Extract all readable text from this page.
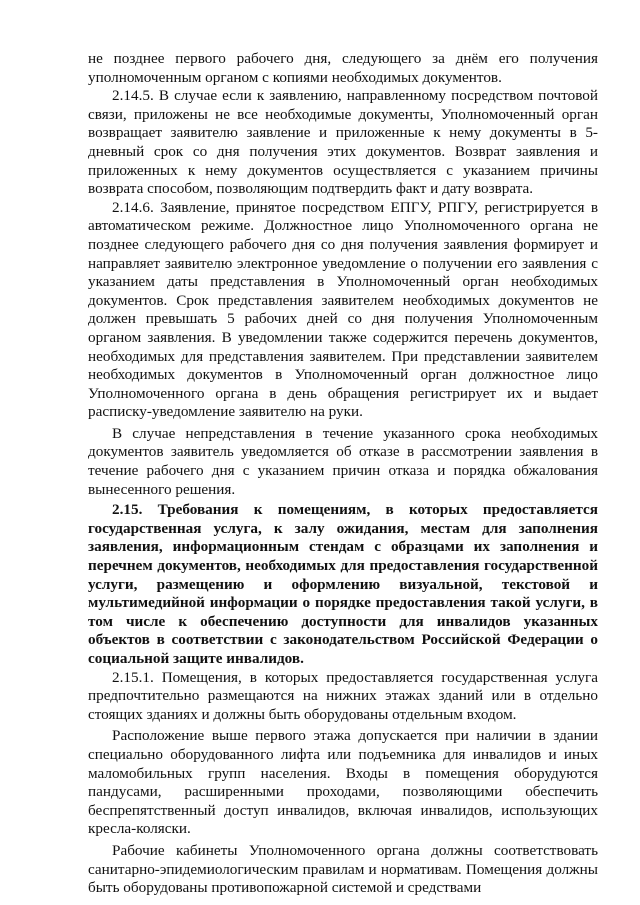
не позднее первого рабочего дня, следующего за днём его получения уполномоченным органом с копиями необходимых документов.

2.14.5. В случае если к заявлению, направленному посредством почтовой связи, приложены не все необходимые документы, Уполномоченный орган возвращает заявителю заявление и приложенные к нему документы в 5-дневный срок со дня получения этих документов. Возврат заявления и приложенных к нему документов осуществляется с указанием причины возврата способом, позволяющим подтвердить факт и дату возврата.

2.14.6. Заявление, принятое посредством ЕПГУ, РПГУ, регистрируется в автоматическом режиме. Должностное лицо Уполномоченного органа не позднее следующего рабочего дня со дня получения заявления формирует и направляет заявителю электронное уведомление о получении его заявления с указанием даты представления в Уполномоченный орган необходимых документов. Срок представления заявителем необходимых документов не должен превышать 5 рабочих дней со дня получения Уполномоченным органом заявления. В уведомлении также содержится перечень документов, необходимых для представления заявителем. При представлении заявителем необходимых документов в Уполномоченный орган должностное лицо Уполномоченного органа в день обращения регистрирует их и выдает расписку-уведомление заявителю на руки.

В случае непредставления в течение указанного срока необходимых документов заявитель уведомляется об отказе в рассмотрении заявления в течение рабочего дня с указанием причин отказа и порядка обжалования вынесенного решения.

2.15. Требования к помещениям, в которых предоставляется государственная услуга, к залу ожидания, местам для заполнения заявления, информационным стендам с образцами их заполнения и перечнем документов, необходимых для предоставления государственной услуги, размещению и оформлению визуальной, текстовой и мультимедийной информации о порядке предоставления такой услуги, в том числе к обеспечению доступности для инвалидов указанных объектов в соответствии с законодательством Российской Федерации о социальной защите инвалидов.

2.15.1. Помещения, в которых предоставляется государственная услуга предпочтительно размещаются на нижних этажах зданий или в отдельно стоящих зданиях и должны быть оборудованы отдельным входом.

Расположение выше первого этажа допускается при наличии в здании специально оборудованного лифта или подъемника для инвалидов и иных маломобильных групп населения. Входы в помещения оборудуются пандусами, расширенными проходами, позволяющими обеспечить беспрепятственный доступ инвалидов, включая инвалидов, использующих кресла-коляски.

Рабочие кабинеты Уполномоченного органа должны соответствовать санитарно-эпидемиологическим правилам и нормативам. Помещения должны быть оборудованы противопожарной системой и средствами
